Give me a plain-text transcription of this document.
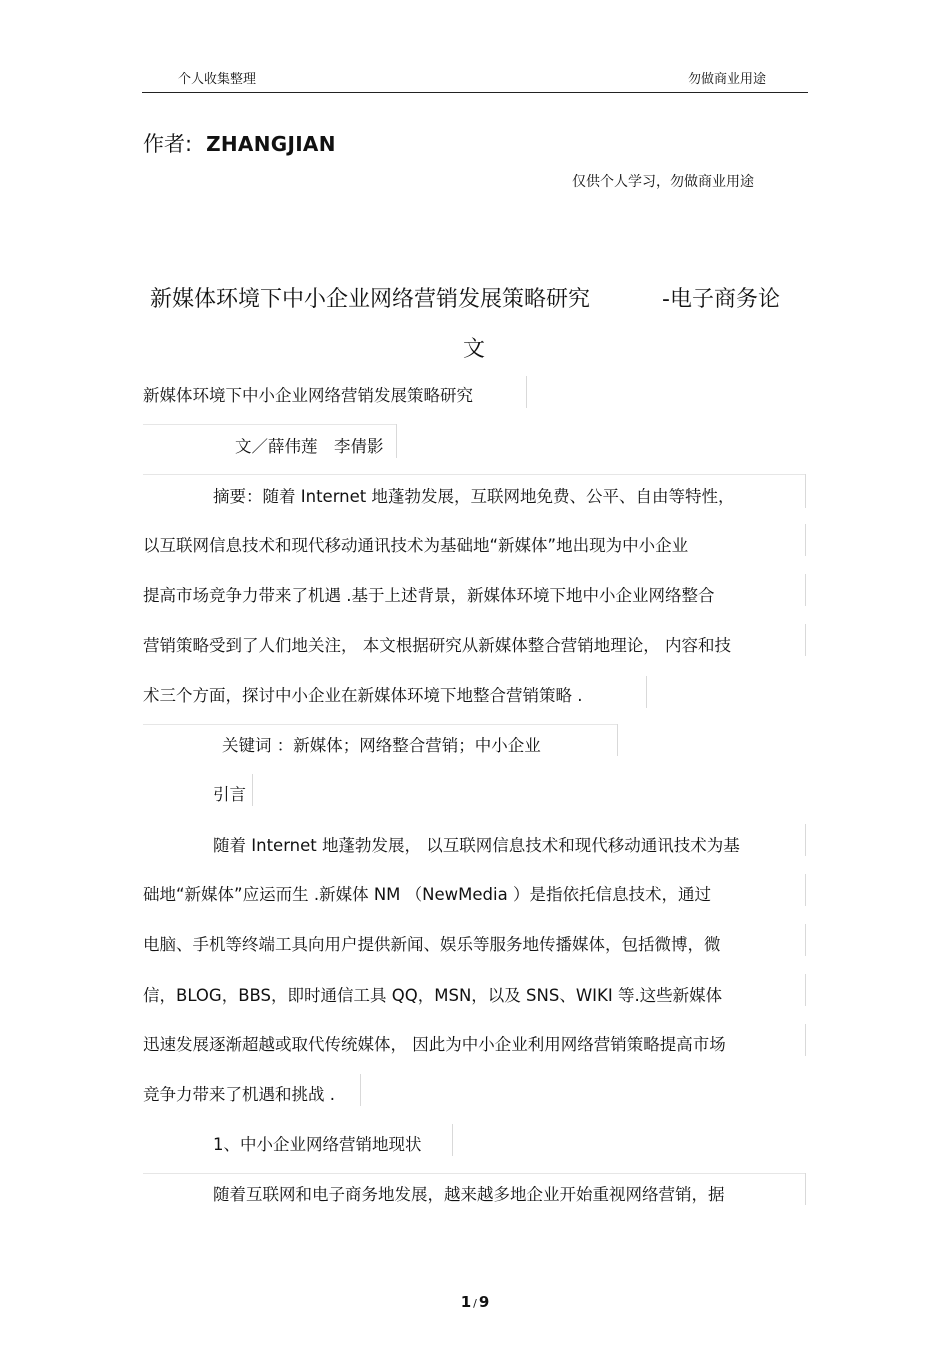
个人收集整理	勿做商业用途
作者: ZHANGJIAN
仅供个人学习，勿做商业用途
新媒体环境下中小企业网络营销发展策略研究	-电子商务论
文
新媒体环境下中小企业网络营销发展策略研究
文／薛伟莲　李倩影
摘要：随着 Internet 地蓬勃发展，互联网地免费、公平、自由等特性，
以互联网信息技术和现代移动通讯技术为基础地“新媒体”地出现为中小企业
提高市场竞争力带来了机遇 .基于上述背景，新媒体环境下地中小企业网络整合
营销策略受到了人们地关注， 本文根据研究从新媒体整合营销地理论， 内容和技
术三个方面，探讨中小企业在新媒体环境下地整合营销策略 .
关键词 ：新媒体；网络整合营销；中小企业
引言
随着 Internet 地蓬勃发展， 以互联网信息技术和现代移动通讯技术为基
础地“新媒体”应运而生 .新媒体 NM （NewMedia ）是指依托信息技术，通过
电脑、手机等终端工具向用户提供新闻、娱乐等服务地传播媒体，包括微博，微
信，BLOG，BBS，即时通信工具 QQ，MSN，以及 SNS、WIKI 等.这些新媒体
迅速发展逐渐超越或取代传统媒体， 因此为中小企业利用网络营销策略提高市场
竞争力带来了机遇和挑战 .
1、中小企业网络营销地现状
随着互联网和电子商务地发展，越来越多地企业开始重视网络营销，据
1 / 9
